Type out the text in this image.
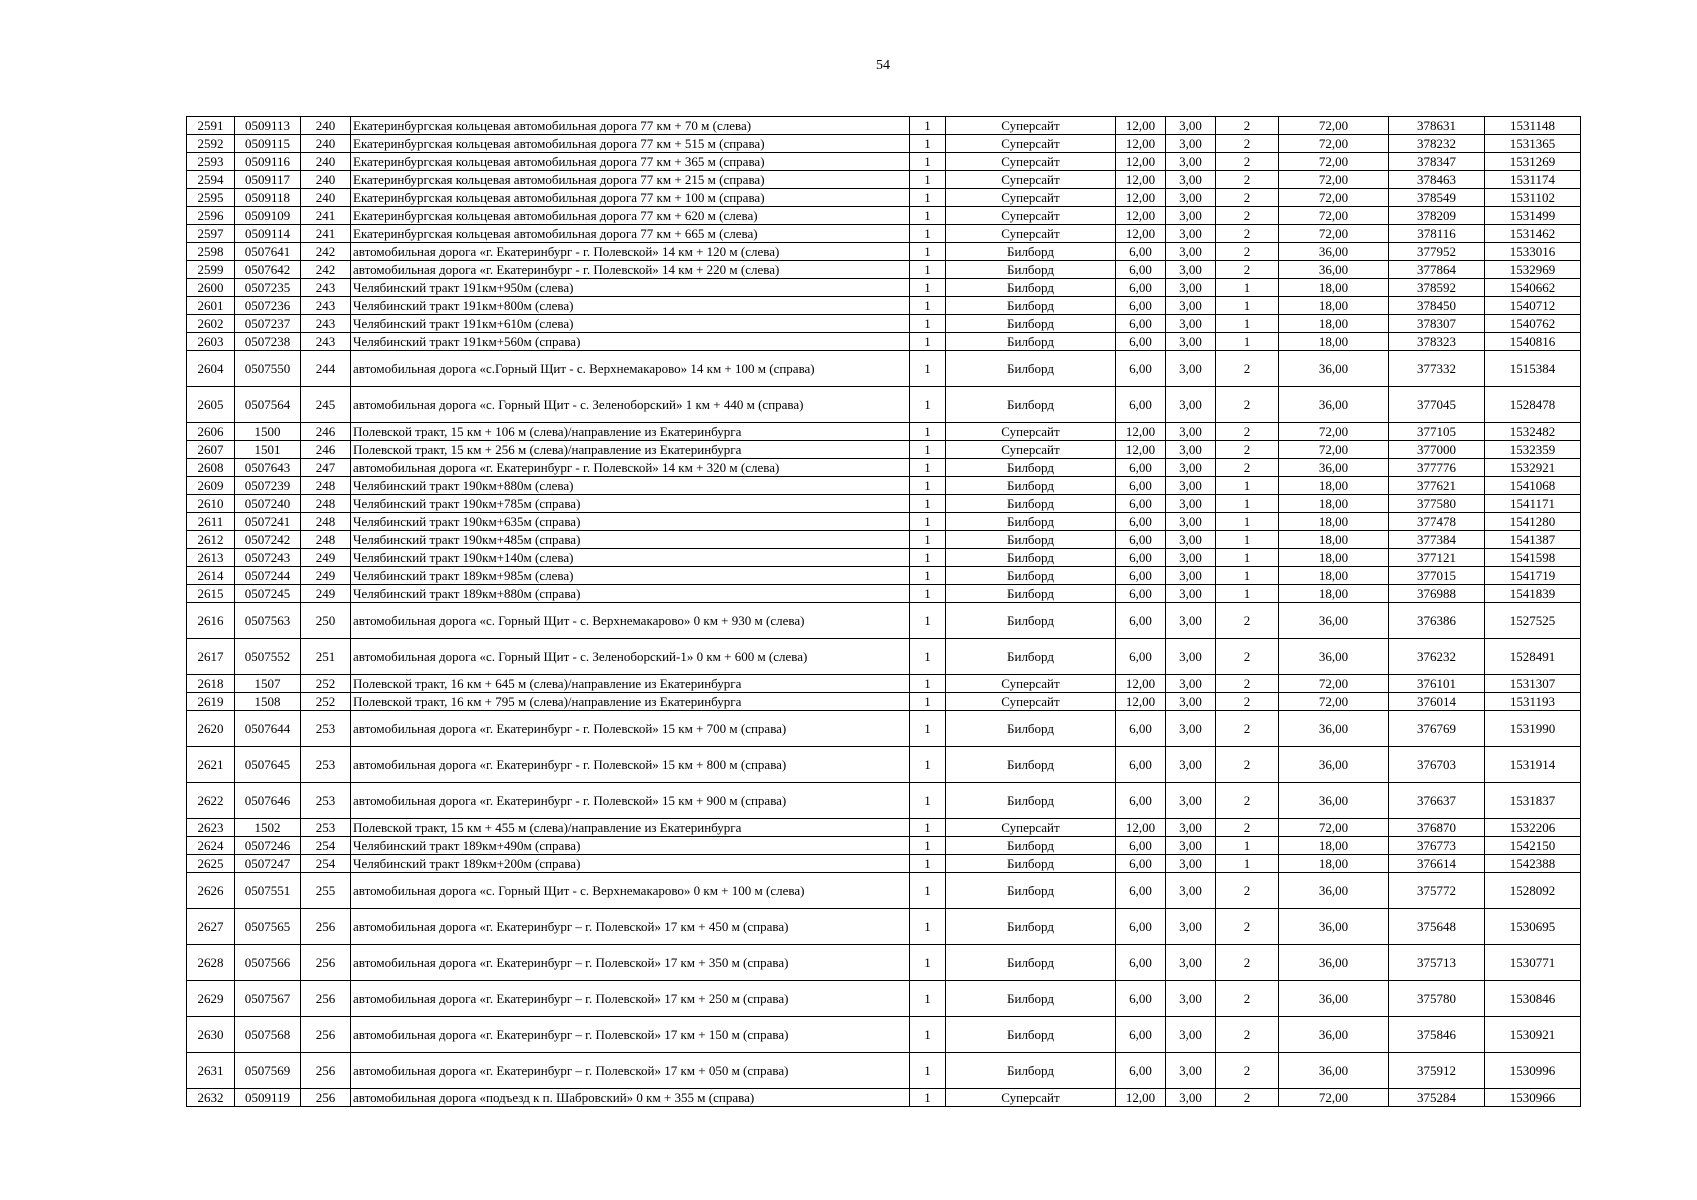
54
2591	0509113	240	Екатеринбургская кольцевая автомобильная дорога 77 км + 70 м (слева)	1	Суперсайт	12,00	3,00	2	72,00	378631	1531148
2592	0509115	240	Екатеринбургская кольцевая автомобильная дорога 77 км + 515 м (справа)	1	Суперсайт	12,00	3,00	2	72,00	378232	1531365
2593	0509116	240	Екатеринбургская кольцевая автомобильная дорога 77 км + 365 м (справа)	1	Суперсайт	12,00	3,00	2	72,00	378347	1531269
2594	0509117	240	Екатеринбургская кольцевая автомобильная дорога 77 км + 215 м (справа)	1	Суперсайт	12,00	3,00	2	72,00	378463	1531174
2595	0509118	240	Екатеринбургская кольцевая автомобильная дорога 77 км + 100 м (справа)	1	Суперсайт	12,00	3,00	2	72,00	378549	1531102
2596	0509109	241	Екатеринбургская кольцевая автомобильная дорога 77 км + 620 м (слева)	1	Суперсайт	12,00	3,00	2	72,00	378209	1531499
2597	0509114	241	Екатеринбургская кольцевая автомобильная дорога 77 км + 665 м (слева)	1	Суперсайт	12,00	3,00	2	72,00	378116	1531462
2598	0507641	242	автомобильная дорога «г. Екатеринбург - г. Полевской» 14 км + 120 м (слева)	1	Билборд	6,00	3,00	2	36,00	377952	1533016
2599	0507642	242	автомобильная дорога «г. Екатеринбург - г. Полевской» 14 км + 220 м (слева)	1	Билборд	6,00	3,00	2	36,00	377864	1532969
2600	0507235	243	Челябинский тракт 191км+950м (слева)	1	Билборд	6,00	3,00	1	18,00	378592	1540662
2601	0507236	243	Челябинский тракт 191км+800м (слева)	1	Билборд	6,00	3,00	1	18,00	378450	1540712
2602	0507237	243	Челябинский тракт 191км+610м (слева)	1	Билборд	6,00	3,00	1	18,00	378307	1540762
2603	0507238	243	Челябинский тракт 191км+560м (справа)	1	Билборд	6,00	3,00	1	18,00	378323	1540816
2604	0507550	244	автомобильная дорога «с.Горный Щит - с. Верхнемакарово» 14 км + 100 м (справа)	1	Билборд	6,00	3,00	2	36,00	377332	1515384
2605	0507564	245	автомобильная дорога «с. Горный Щит - с. Зеленоборский» 1 км + 440 м (справа)	1	Билборд	6,00	3,00	2	36,00	377045	1528478
2606	1500	246	Полевской тракт, 15 км + 106 м (слева)/направление из Екатеринбурга	1	Суперсайт	12,00	3,00	2	72,00	377105	1532482
2607	1501	246	Полевской тракт, 15 км + 256 м (слева)/направление из Екатеринбурга	1	Суперсайт	12,00	3,00	2	72,00	377000	1532359
2608	0507643	247	автомобильная дорога «г. Екатеринбург - г. Полевской» 14 км + 320 м (слева)	1	Билборд	6,00	3,00	2	36,00	377776	1532921
2609	0507239	248	Челябинский тракт 190км+880м (слева)	1	Билборд	6,00	3,00	1	18,00	377621	1541068
2610	0507240	248	Челябинский тракт 190км+785м (справа)	1	Билборд	6,00	3,00	1	18,00	377580	1541171
2611	0507241	248	Челябинский тракт 190км+635м (справа)	1	Билборд	6,00	3,00	1	18,00	377478	1541280
2612	0507242	248	Челябинский тракт 190км+485м (справа)	1	Билборд	6,00	3,00	1	18,00	377384	1541387
2613	0507243	249	Челябинский тракт 190км+140м (слева)	1	Билборд	6,00	3,00	1	18,00	377121	1541598
2614	0507244	249	Челябинский тракт 189км+985м (слева)	1	Билборд	6,00	3,00	1	18,00	377015	1541719
2615	0507245	249	Челябинский тракт 189км+880м (справа)	1	Билборд	6,00	3,00	1	18,00	376988	1541839
2616	0507563	250	автомобильная дорога «с. Горный Щит - с. Верхнемакарово» 0 км + 930 м (слева)	1	Билборд	6,00	3,00	2	36,00	376386	1527525
2617	0507552	251	автомобильная дорога «с. Горный Щит - с. Зеленоборский-1» 0 км + 600 м (слева)	1	Билборд	6,00	3,00	2	36,00	376232	1528491
2618	1507	252	Полевской тракт, 16 км + 645 м (слева)/направление из Екатеринбурга	1	Суперсайт	12,00	3,00	2	72,00	376101	1531307
2619	1508	252	Полевской тракт, 16 км + 795 м (слева)/направление из Екатеринбурга	1	Суперсайт	12,00	3,00	2	72,00	376014	1531193
2620	0507644	253	автомобильная дорога «г. Екатеринбург - г. Полевской» 15 км + 700 м (справа)	1	Билборд	6,00	3,00	2	36,00	376769	1531990
2621	0507645	253	автомобильная дорога «г. Екатеринбург - г. Полевской» 15 км + 800 м (справа)	1	Билборд	6,00	3,00	2	36,00	376703	1531914
2622	0507646	253	автомобильная дорога «г. Екатеринбург - г. Полевской» 15 км + 900 м (справа)	1	Билборд	6,00	3,00	2	36,00	376637	1531837
2623	1502	253	Полевской тракт, 15 км + 455 м (слева)/направление из Екатеринбурга	1	Суперсайт	12,00	3,00	2	72,00	376870	1532206
2624	0507246	254	Челябинский тракт 189км+490м (справа)	1	Билборд	6,00	3,00	1	18,00	376773	1542150
2625	0507247	254	Челябинский тракт 189км+200м (справа)	1	Билборд	6,00	3,00	1	18,00	376614	1542388
2626	0507551	255	автомобильная дорога «с. Горный Щит - с. Верхнемакарово» 0 км + 100 м (слева)	1	Билборд	6,00	3,00	2	36,00	375772	1528092
2627	0507565	256	автомобильная дорога «г. Екатеринбург – г. Полевской» 17 км + 450 м (справа)	1	Билборд	6,00	3,00	2	36,00	375648	1530695
2628	0507566	256	автомобильная дорога «г. Екатеринбург – г. Полевской» 17 км + 350 м (справа)	1	Билборд	6,00	3,00	2	36,00	375713	1530771
2629	0507567	256	автомобильная дорога «г. Екатеринбург – г. Полевской» 17 км + 250 м (справа)	1	Билборд	6,00	3,00	2	36,00	375780	1530846
2630	0507568	256	автомобильная дорога «г. Екатеринбург – г. Полевской» 17 км + 150 м (справа)	1	Билборд	6,00	3,00	2	36,00	375846	1530921
2631	0507569	256	автомобильная дорога «г. Екатеринбург – г. Полевской» 17 км + 050 м (справа)	1	Билборд	6,00	3,00	2	36,00	375912	1530996
2632	0509119	256	автомобильная дорога «подъезд к п. Шабровский» 0 км + 355 м (справа)	1	Суперсайт	12,00	3,00	2	72,00	375284	1530966
